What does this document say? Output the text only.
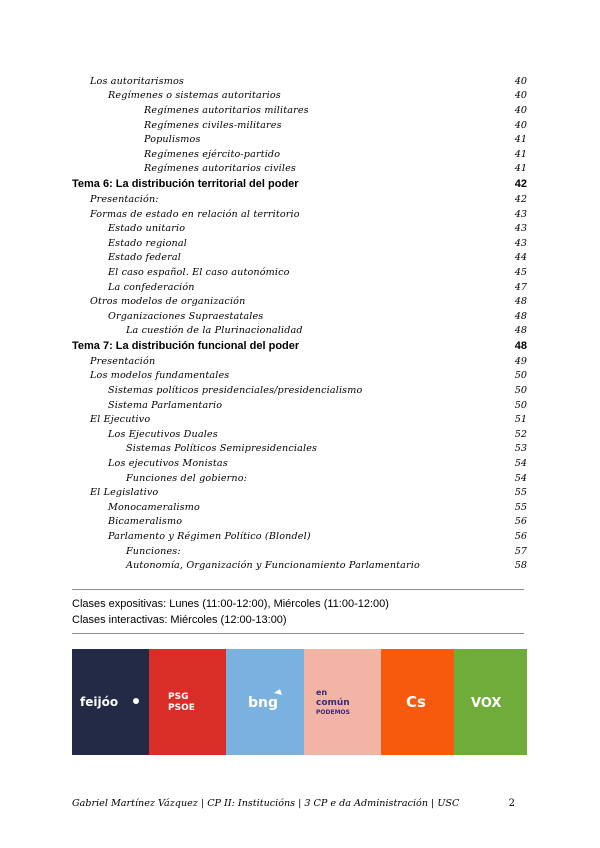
Los autoritarismos	40
Regímenes o sistemas autoritarios	40
Regímenes autoritarios militares	40
Regímenes civiles-militares	40
Populismos	41
Regímenes ejército-partido	41
Regímenes autoritarios civiles	41
Tema 6: La distribución territorial del poder	42
Presentación:	42
Formas de estado en relación al territorio	43
Estado unitario	43
Estado regional	43
Estado federal	44
El caso español. El caso autonómico	45
La confederación	47
Otros modelos de organización	48
Organizaciones Supraestatales	48
La cuestión de la Plurinacionalidad	48
Tema 7: La distribución funcional del poder	48
Presentación	49
Los modelos fundamentales	50
Sistemas políticos presidenciales/presidencialismo	50
Sistema Parlamentario	50
El Ejecutivo	51
Los Ejecutivos Duales	52
Sistemas Políticos Semipresidenciales	53
Los ejecutivos Monistas	54
Funciones del gobierno:	54
El Legislativo	55
Monocameralismo	55
Bicameralismo	56
Parlamento y Régimen Político (Blondel)	56
Funciones:	57
Autonomía, Organización y Funcionamiento Parlamentario	58
Clases expositivas: Lunes (11:00-12:00), Miércoles (11:00-12:00)
Clases interactivas: Miércoles (12:00-13:00)
feijóo	PSG
PSOE	bng
en
común
PODEMOS
Cs	VOX
Gabriel Martínez Vázquez | CP II: Institucións | 3 CP e da Administración | USC	2
